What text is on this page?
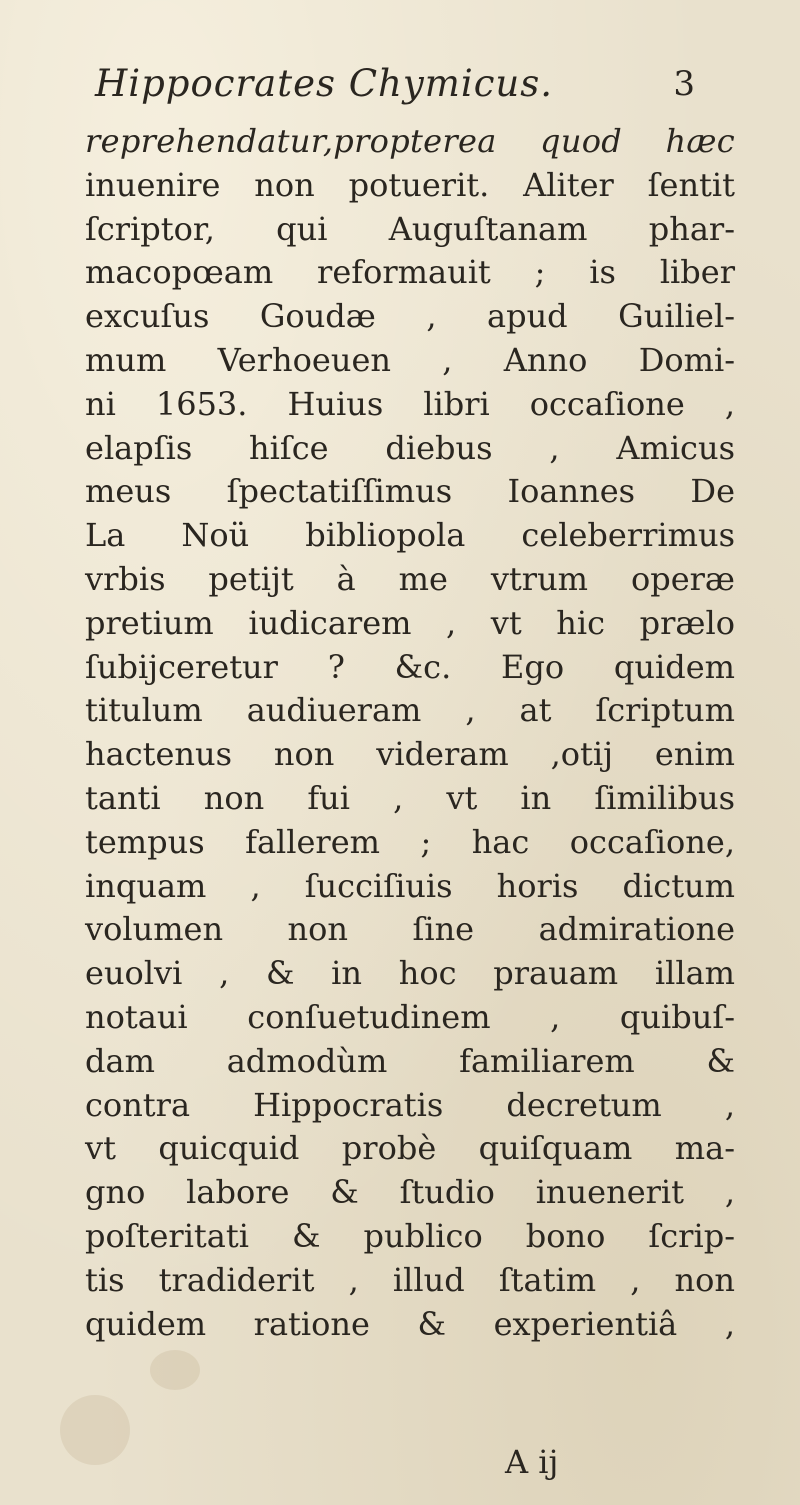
Hippocrates Chymicus.	3
reprehendatur,propterea quod hæc
inuenire non potuerit. Aliter ſentit
ſcriptor, qui Auguſtanam phar-
macopœam reformauit ; is liber
excuſus Goudæ , apud Guiliel-
mum Verhoeuen , Anno Domi-
ni 1653. Huius libri occaſione ,
elapſis hiſce diebus , Amicus
meus ſpectatiſſimus Ioannes De
La Noü bibliopola celeberrimus
vrbis petijt à me vtrum operæ
pretium iudicarem , vt hic prælo
ſubijceretur ? &c. Ego quidem
titulum audiueram , at ſcriptum
hactenus non videram ,otij enim
tanti non fui , vt in ſimilibus
tempus fallerem ; hac occaſione,
inquam , ſucciſiuis horis dictum
volumen non ſine admiratione
euolvi , & in hoc prauam illam
notaui conſuetudinem , quibuſ-
dam admodùm familiarem &
contra Hippocratis decretum ,
vt quicquid probè quiſquam ma-
gno labore & ſtudio inuenerit ,
poſteritati & publico bono ſcrip-
tis tradiderit , illud ſtatim , non
quidem ratione & experientiâ ,
A ij
